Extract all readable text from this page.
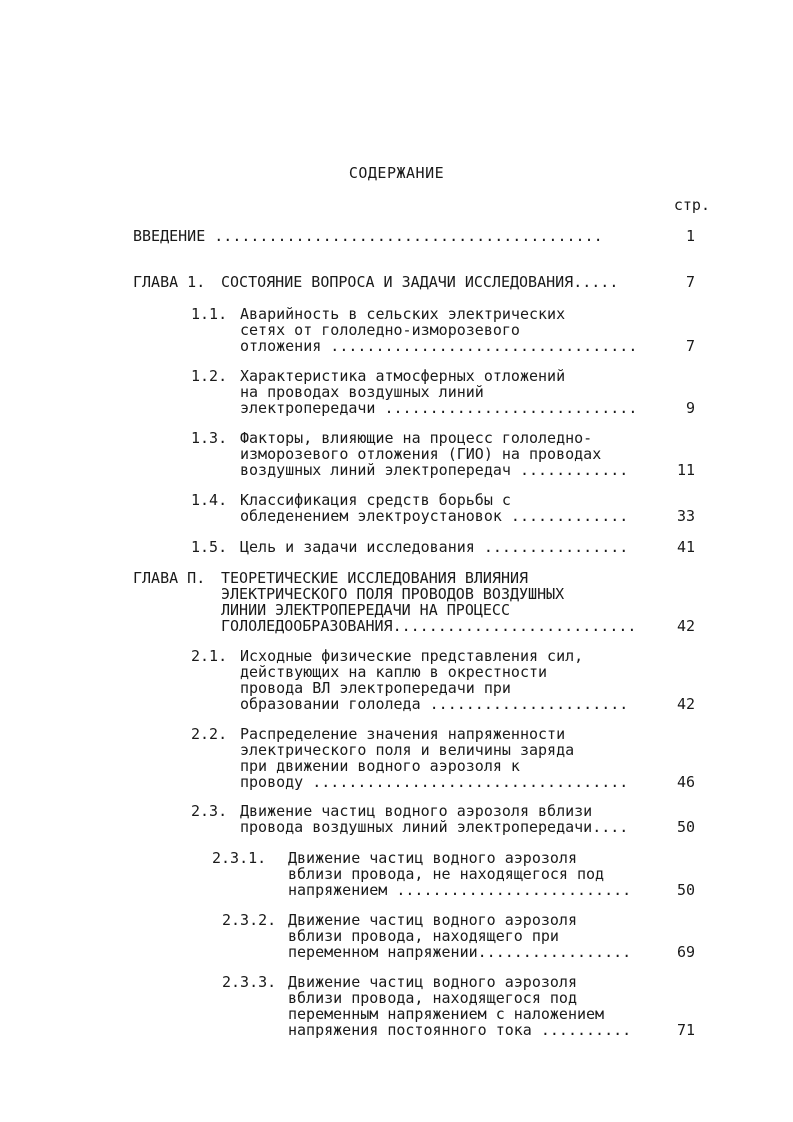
СОДЕРЖАНИЕ
стр.
ВВЕДЕНИЕ ...........................................	1
ГЛАВА 1. СОСТОЯНИЕ ВОПРОСА И ЗАДАЧИ ИССЛЕДОВАНИЯ.....	7
1.1. Аварийность в сельских электрических
сетях от гололедно-изморозевого
отложения ..................................	7
1.2. Характеристика атмосферных отложений
на проводах воздушных линий
электропередачи ............................	9
1.3. Факторы, влияющие на процесс гололедно-
изморозевого отложения (ГИО) на проводах
воздушных линий электропередач ............	11
1.4. Классификация средств борьбы с
обледенением электроустановок .............	33
1.5. Цель и задачи исследования ................	41
ГЛАВА П. ТЕОРЕТИЧЕСКИЕ ИССЛЕДОВАНИЯ ВЛИЯНИЯ
ЭЛЕКТРИЧЕСКОГО ПОЛЯ ПРОВОДОВ ВОЗДУШНЫХ
ЛИНИИ ЭЛЕКТРОПЕРЕДАЧИ НА ПРОЦЕСС
ГОЛОЛЕДООБРАЗОВАНИЯ...........................	42
2.1. Исходные физические представления сил,
действующих на каплю в окрестности
провода ВЛ электропередачи при
образовании гололеда ......................	42
2.2. Распределение значения напряженности
электрического поля и величины заряда
при движении водного аэрозоля к
проводу ...................................	46
2.3. Движение частиц водного аэрозоля вблизи
провода воздушных линий электропередачи....	50
2.3.1. Движение частиц водного аэрозоля
вблизи провода, не находящегося под
напряжением ..........................	50
2.3.2. Движение частиц водного аэрозоля
вблизи провода, находящего при
переменном напряжении.................	69
2.3.3. Движение частиц водного аэрозоля
вблизи провода, находящегося под
переменным напряжением с наложением
напряжения постоянного тока ..........	71
